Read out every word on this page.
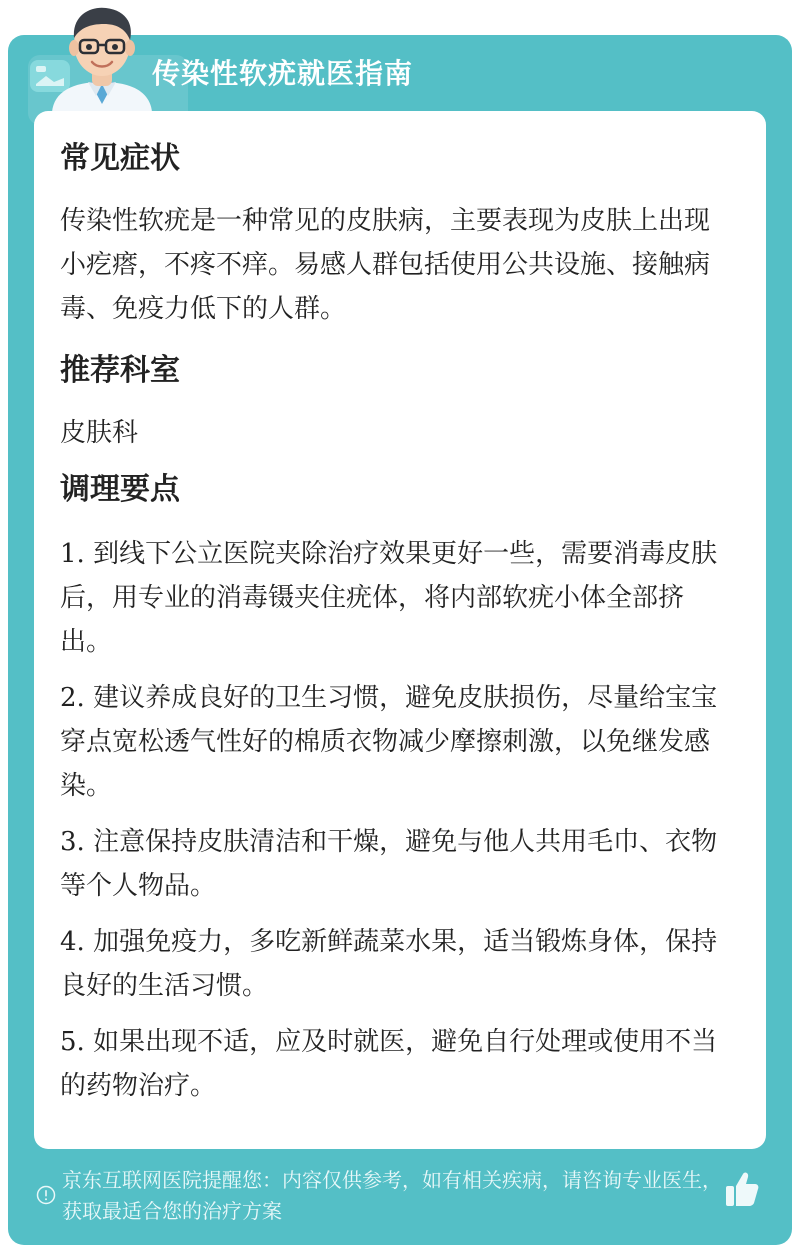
传染性软疣就医指南
常见症状

传染性软疣是一种常见的皮肤病，主要表现为皮肤上出现小疙瘩，不疼不痒。易感人群包括使用公共设施、接触病毒、免疫力低下的人群。

推荐科室

皮肤科

调理要点

1. 到线下公立医院夹除治疗效果更好一些，需要消毒皮肤后，用专业的消毒镊夹住疣体，将内部软疣小体全部挤出。

2. 建议养成良好的卫生习惯，避免皮肤损伤，尽量给宝宝穿点宽松透气性好的棉质衣物减少摩擦刺激，以免继发感染。

3. 注意保持皮肤清洁和干燥，避免与他人共用毛巾、衣物等个人物品。

4. 加强免疫力，多吃新鲜蔬菜水果，适当锻炼身体，保持良好的生活习惯。

5. 如果出现不适，应及时就医，避免自行处理或使用不当的药物治疗。

京东互联网医院提醒您：内容仅供参考，如有相关疾病，请咨询专业医生，获取最适合您的治疗方案
